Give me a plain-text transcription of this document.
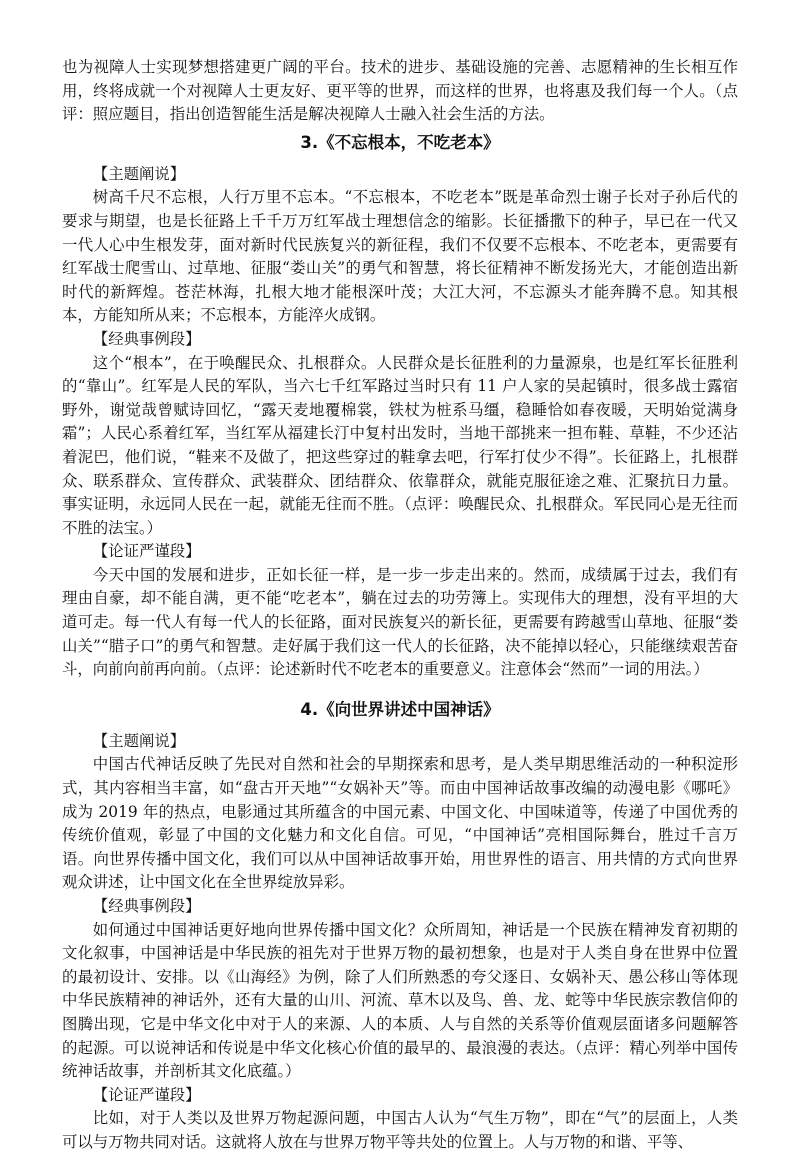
也为视障人士实现梦想搭建更广阔的平台。技术的进步、基础设施的完善、志愿精神的生长相互作用，终将成就一个对视障人士更友好、更平等的世界，而这样的世界，也将惠及我们每一个人。（点评：照应题目，指出创造智能生活是解决视障人士融入社会生活的方法。

3.《不忘根本，不吃老本》

【主题阐说】

树高千尺不忘根，人行万里不忘本。“不忘根本，不吃老本”既是革命烈士谢子长对子孙后代的要求与期望，也是长征路上千千万万红军战士理想信念的缩影。长征播撒下的种子，早已在一代又一代人心中生根发芽，面对新时代民族复兴的新征程，我们不仅要不忘根本、不吃老本，更需要有红军战士爬雪山、过草地、征服“娄山关”的勇气和智慧，将长征精神不断发扬光大，才能创造出新时代的新辉煌。苍茫林海，扎根大地才能根深叶茂；大江大河，不忘源头才能奔腾不息。知其根本，方能知所从来；不忘根本，方能淬火成钢。

【经典事例段】

这个“根本”，在于唤醒民众、扎根群众。人民群众是长征胜利的力量源泉，也是红军长征胜利的“靠山”。红军是人民的军队，当六七千红军路过当时只有 11 户人家的吴起镇时，很多战士露宿野外，谢觉哉曾赋诗回忆，“露天麦地覆棉裳，铁杖为桩系马缰，稳睡恰如春夜暖，天明始觉满身霜”；人民心系着红军，当红军从福建长汀中复村出发时，当地干部挑来一担布鞋、草鞋，不少还沾着泥巴，他们说，“鞋来不及做了，把这些穿过的鞋拿去吧，行军打仗少不得”。长征路上，扎根群众、联系群众、宣传群众、武装群众、团结群众、依靠群众，就能克服征途之难、汇聚抗日力量。事实证明，永远同人民在一起，就能无往而不胜。（点评：唤醒民众、扎根群众。军民同心是无往而不胜的法宝。）

【论证严谨段】

今天中国的发展和进步，正如长征一样，是一步一步走出来的。然而，成绩属于过去，我们有理由自豪，却不能自满，更不能“吃老本”，躺在过去的功劳簿上。实现伟大的理想，没有平坦的大道可走。每一代人有每一代人的长征路，面对民族复兴的新长征，更需要有跨越雪山草地、征服“娄山关”“腊子口”的勇气和智慧。走好属于我们这一代人的长征路，决不能掉以轻心，只能继续艰苦奋斗，向前向前再向前。（点评：论述新时代不吃老本的重要意义。注意体会“然而”一词的用法。）

4.《向世界讲述中国神话》

【主题阐说】

中国古代神话反映了先民对自然和社会的早期探索和思考，是人类早期思维活动的一种积淀形式，其内容相当丰富，如“盘古开天地”“女娲补天”等。而由中国神话故事改编的动漫电影《哪吒》成为 2019 年的热点，电影通过其所蕴含的中国元素、中国文化、中国味道等，传递了中国优秀的传统价值观，彰显了中国的文化魅力和文化自信。可见，“中国神话”亮相国际舞台，胜过千言万语。向世界传播中国文化，我们可以从中国神话故事开始，用世界性的语言、用共情的方式向世界观众讲述，让中国文化在全世界绽放异彩。

【经典事例段】

如何通过中国神话更好地向世界传播中国文化？众所周知，神话是一个民族在精神发育初期的文化叙事，中国神话是中华民族的祖先对于世界万物的最初想象，也是对于人类自身在世界中位置的最初设计、安排。以《山海经》为例，除了人们所熟悉的夸父逐日、女娲补天、愚公移山等体现中华民族精神的神话外，还有大量的山川、河流、草木以及鸟、兽、龙、蛇等中华民族宗教信仰的图腾出现，它是中华文化中对于人的来源、人的本质、人与自然的关系等价值观层面诸多问题解答的起源。可以说神话和传说是中华文化核心价值的最早的、最浪漫的表达。（点评：精心列举中国传统神话故事，并剖析其文化底蕴。）

【论证严谨段】

比如，对于人类以及世界万物起源问题，中国古人认为“气生万物”，即在“气”的层面上，人类可以与万物共同对话。这就将人放在与世界万物平等共处的位置上。人与万物的和谐、平等、
